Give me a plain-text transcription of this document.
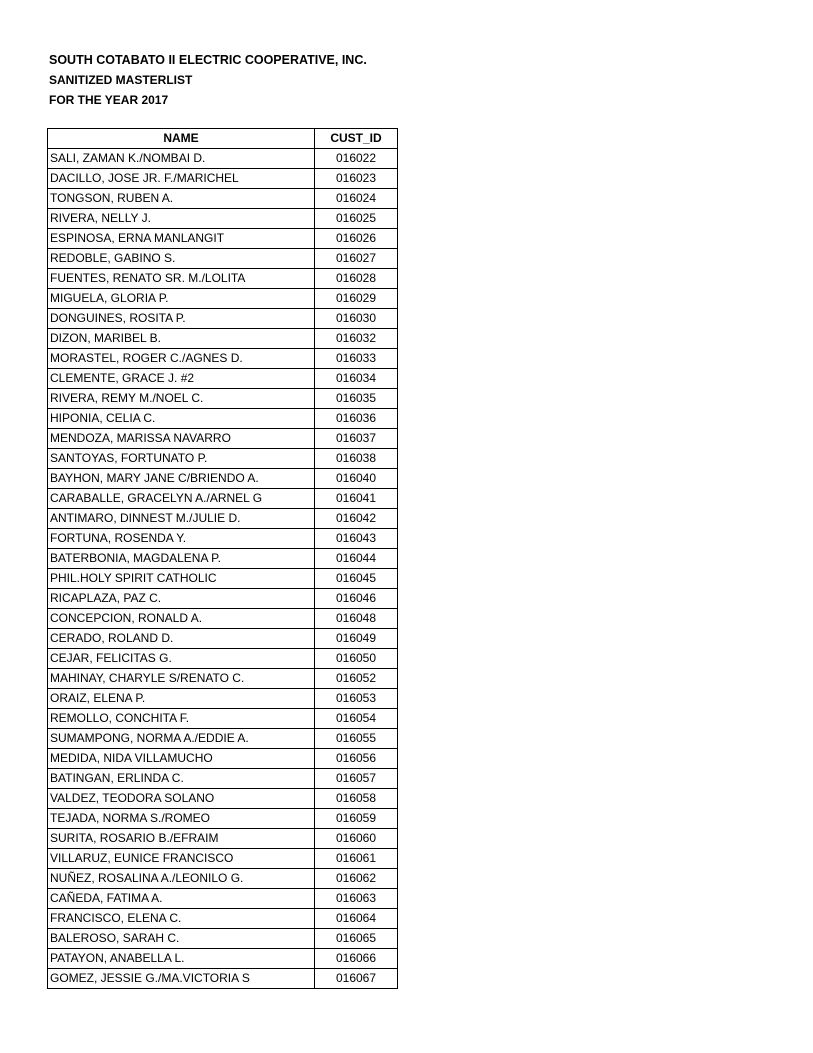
SOUTH COTABATO II ELECTRIC COOPERATIVE, INC.
SANITIZED MASTERLIST
FOR THE YEAR 2017
NAME	CUST_ID
SALI, ZAMAN K./NOMBAI D.	016022
DACILLO, JOSE JR. F./MARICHEL	016023
TONGSON, RUBEN A.	016024
RIVERA, NELLY J.	016025
ESPINOSA, ERNA MANLANGIT	016026
REDOBLE, GABINO S.	016027
FUENTES, RENATO SR. M./LOLITA	016028
MIGUELA, GLORIA P.	016029
DONGUINES, ROSITA P.	016030
DIZON, MARIBEL B.	016032
MORASTEL, ROGER C./AGNES D.	016033
CLEMENTE, GRACE J. #2	016034
RIVERA, REMY M./NOEL C.	016035
HIPONIA, CELIA C.	016036
MENDOZA, MARISSA NAVARRO	016037
SANTOYAS, FORTUNATO P.	016038
BAYHON, MARY JANE C/BRIENDO A.	016040
CARABALLE, GRACELYN A./ARNEL G	016041
ANTIMARO, DINNEST M./JULIE D.	016042
FORTUNA, ROSENDA Y.	016043
BATERBONIA, MAGDALENA P.	016044
PHIL.HOLY SPIRIT CATHOLIC	016045
RICAPLAZA, PAZ C.	016046
CONCEPCION, RONALD A.	016048
CERADO, ROLAND D.	016049
CEJAR, FELICITAS G.	016050
MAHINAY, CHARYLE S/RENATO C.	016052
ORAIZ, ELENA P.	016053
REMOLLO, CONCHITA F.	016054
SUMAMPONG, NORMA A./EDDIE A.	016055
MEDIDA, NIDA VILLAMUCHO	016056
BATINGAN, ERLINDA C.	016057
VALDEZ, TEODORA SOLANO	016058
TEJADA, NORMA S./ROMEO	016059
SURITA, ROSARIO B./EFRAIM	016060
VILLARUZ, EUNICE FRANCISCO	016061
NUÑEZ, ROSALINA A./LEONILO G.	016062
CAÑEDA, FATIMA A.	016063
FRANCISCO, ELENA C.	016064
BALEROSO, SARAH C.	016065
PATAYON, ANABELLA L.	016066
GOMEZ, JESSIE G./MA.VICTORIA S	016067
